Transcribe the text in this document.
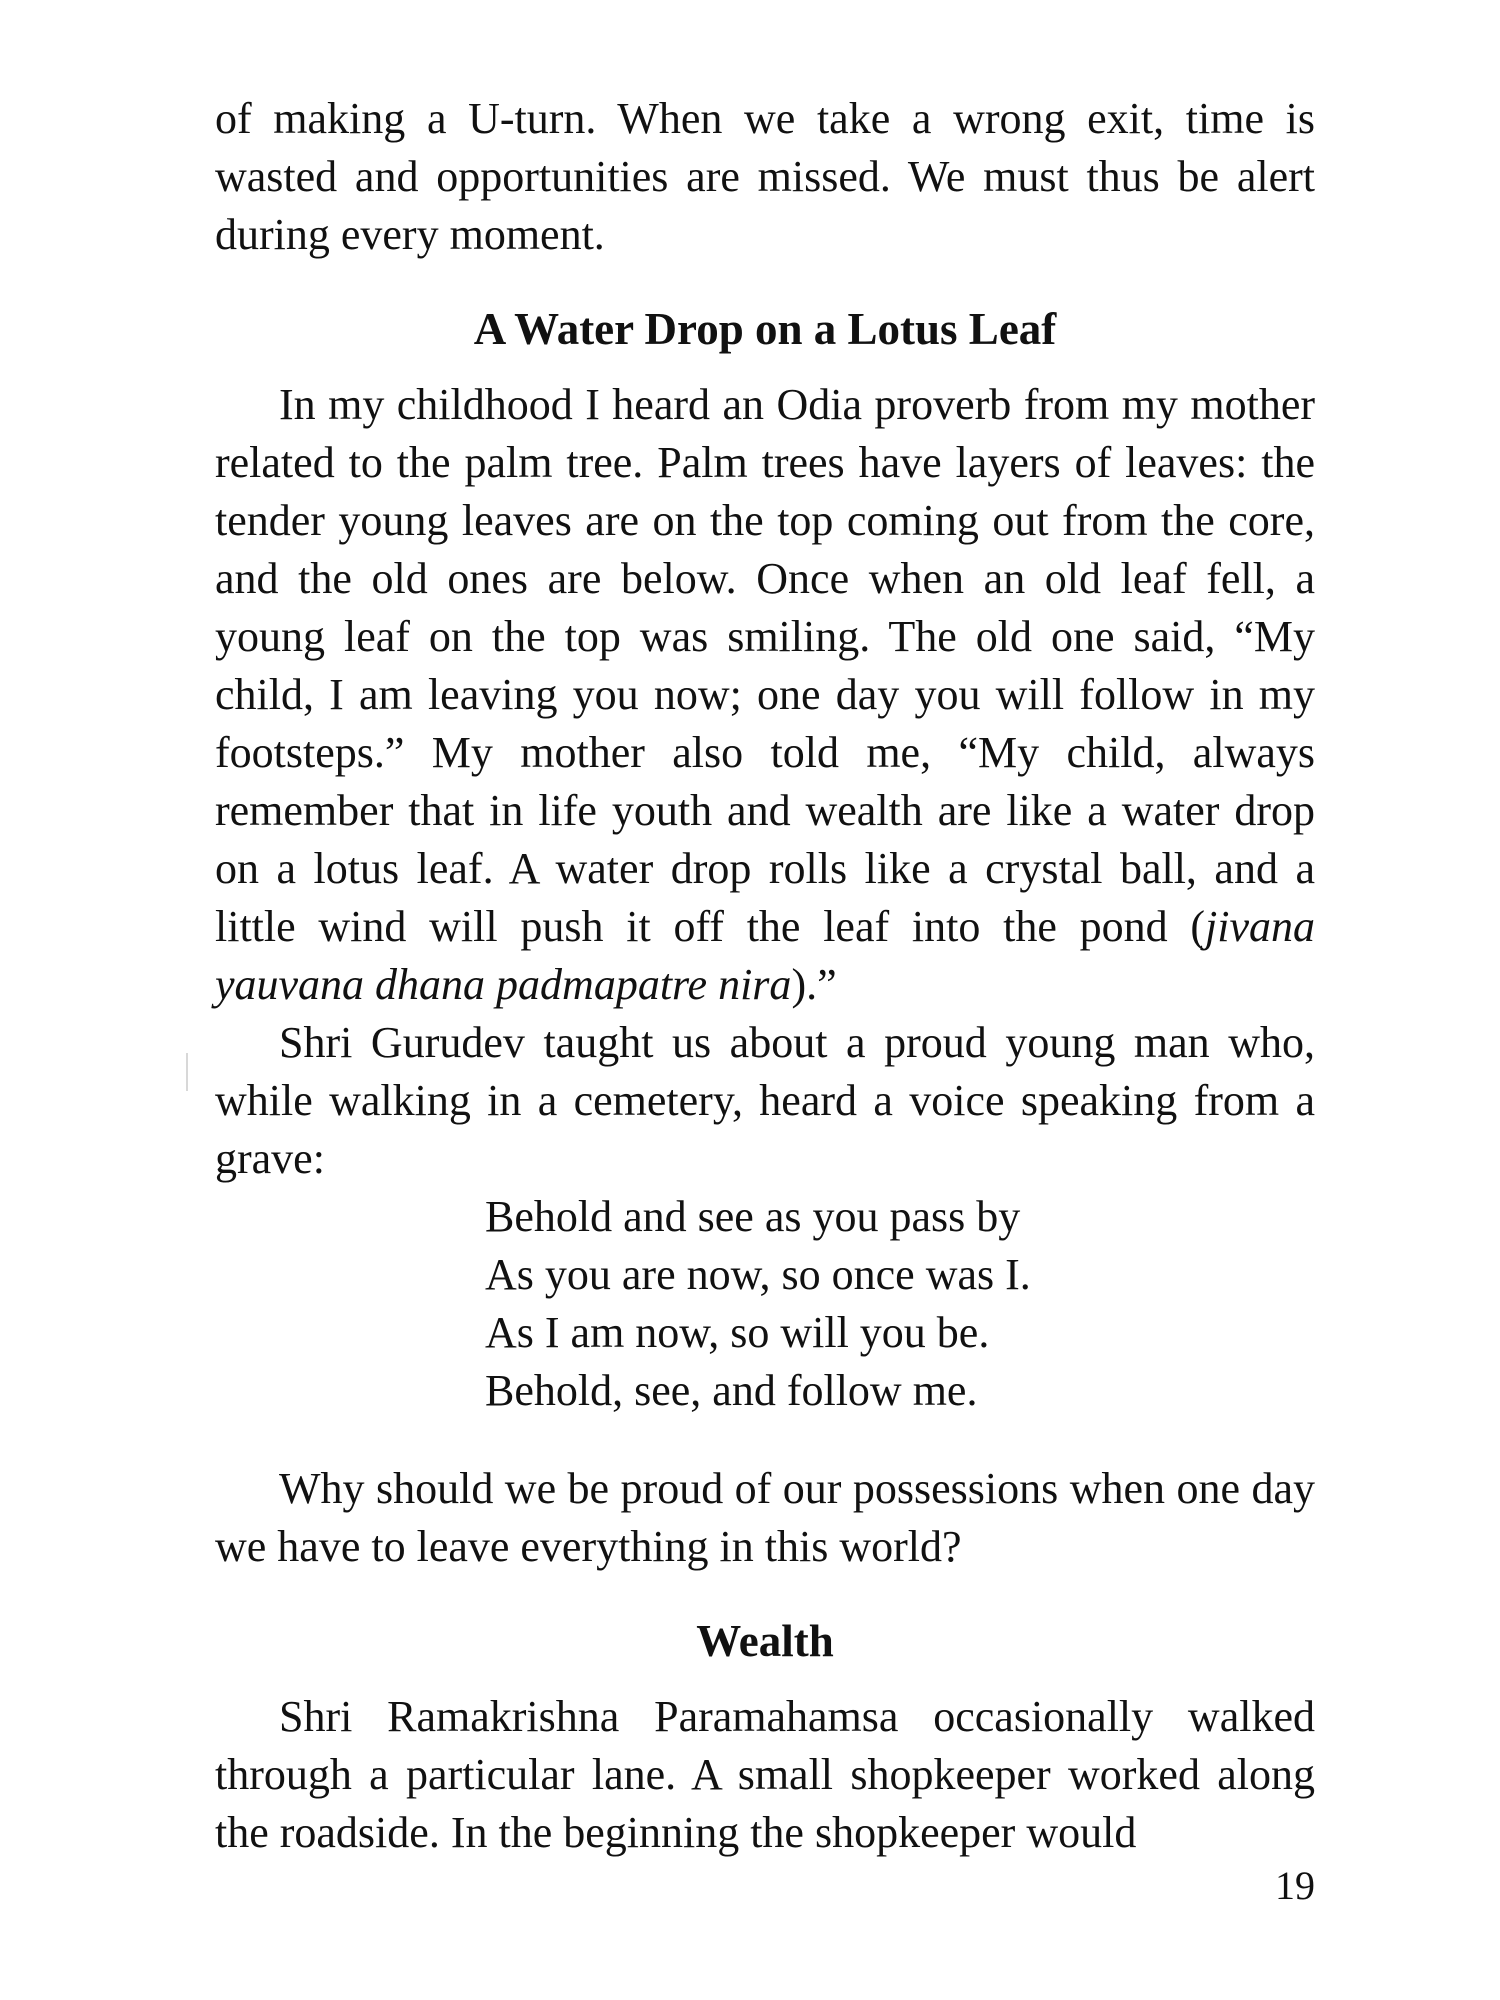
of making a U-turn. When we take a wrong exit, time is wasted and opportunities are missed. We must thus be alert during every moment.

A Water Drop on a Lotus Leaf

In my childhood I heard an Odia proverb from my mother related to the palm tree. Palm trees have layers of leaves: the tender young leaves are on the top coming out from the core, and the old ones are below. Once when an old leaf fell, a young leaf on the top was smiling. The old one said, “My child, I am leaving you now; one day you will follow in my footsteps.” My mother also told me, “My child, always remember that in life youth and wealth are like a water drop on a lotus leaf. A water drop rolls like a crystal ball, and a little wind will push it off the leaf into the pond (jivana yauvana dhana padmapatre nira).”

Shri Gurudev taught us about a proud young man who, while walking in a cemetery, heard a voice speaking from a grave:

Behold and see as you pass by
As you are now, so once was I.
As I am now, so will you be.
Behold, see, and follow me.

Why should we be proud of our possessions when one day we have to leave everything in this world?

Wealth

Shri Ramakrishna Paramahamsa occasionally walked through a particular lane. A small shopkeeper worked along the roadside. In the beginning the shopkeeper would

19
